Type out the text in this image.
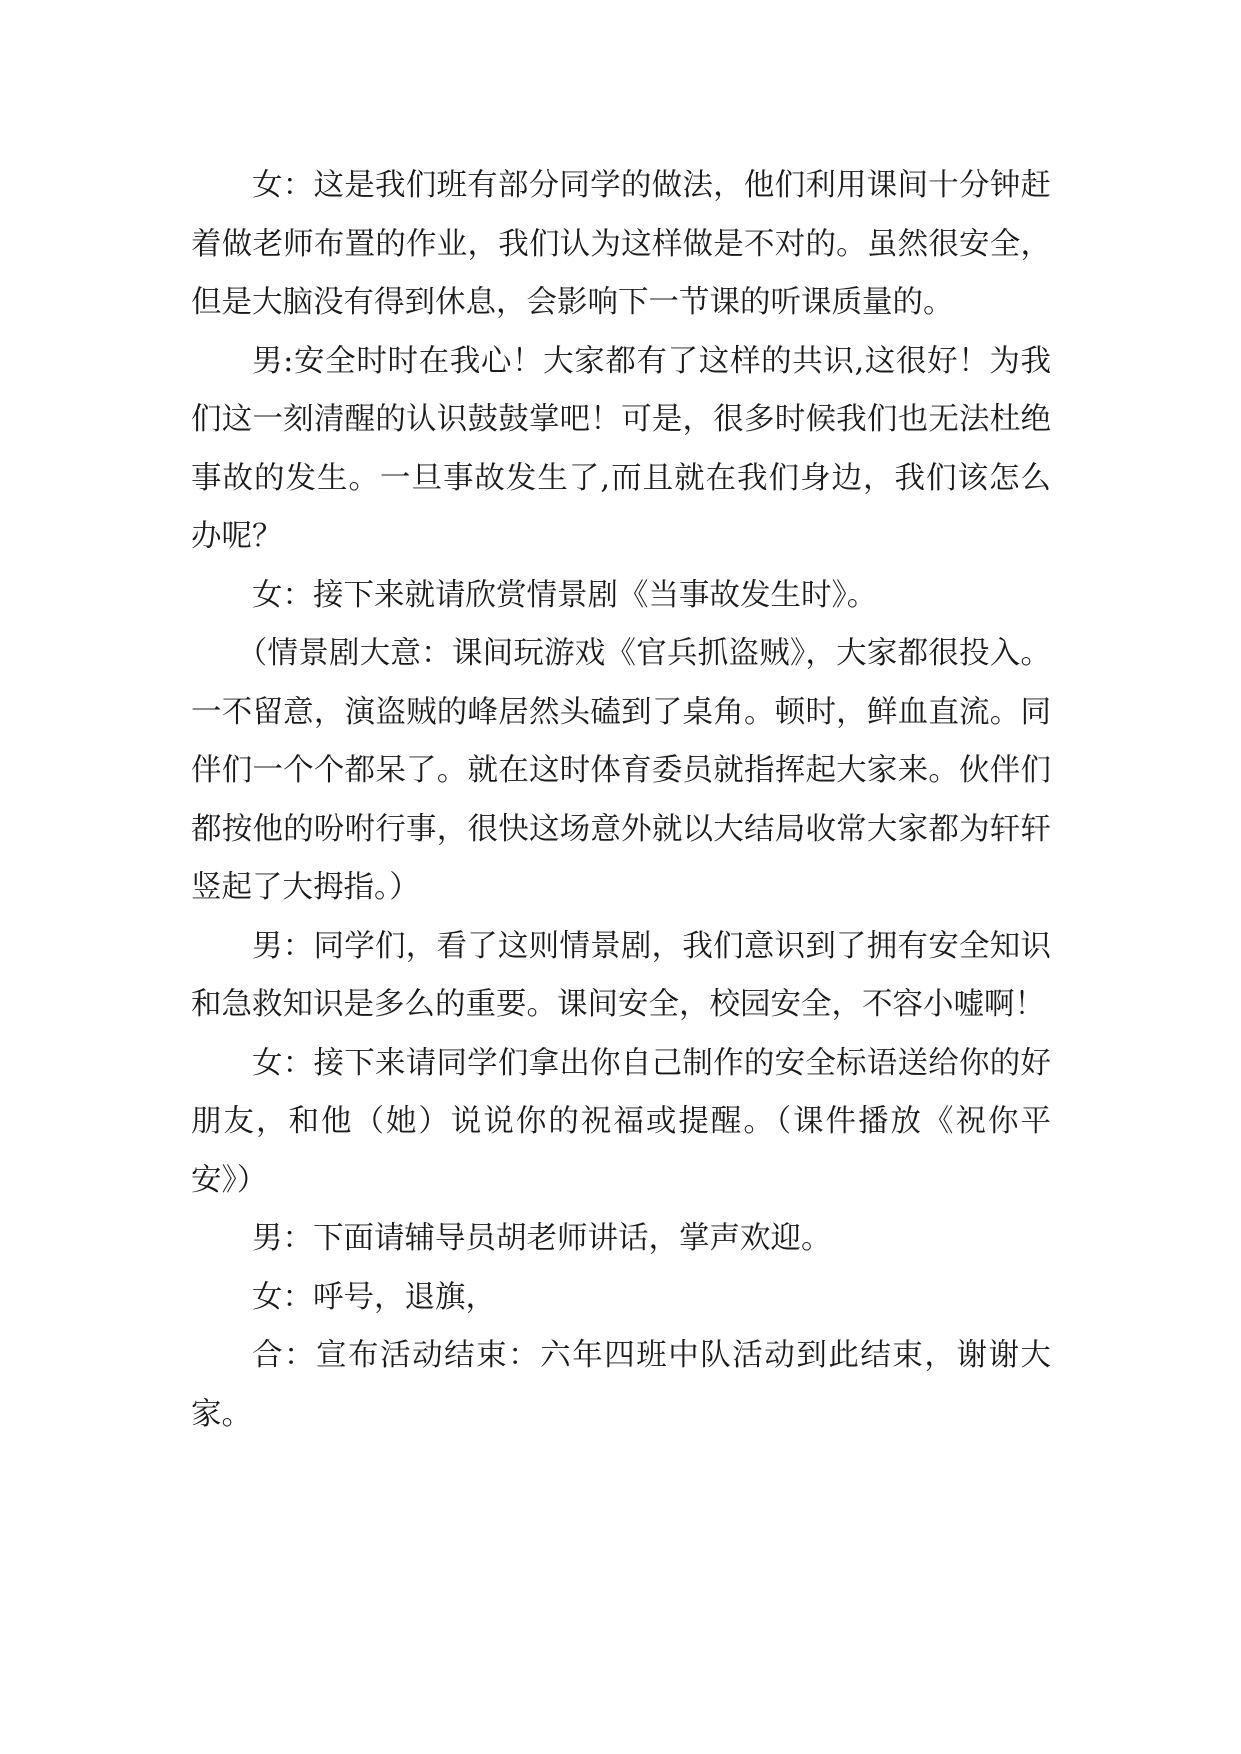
女：这是我们班有部分同学的做法，他们利用课间十分钟赶着做老师布置的作业，我们认为这样做是不对的。虽然很安全，但是大脑没有得到休息，会影响下一节课的听课质量的。

男:安全时时在我心！大家都有了这样的共识,这很好！为我们这一刻清醒的认识鼓鼓掌吧！可是，很多时候我们也无法杜绝事故的发生。一旦事故发生了,而且就在我们身边，我们该怎么办呢？

女：接下来就请欣赏情景剧《当事故发生时》。

（情景剧大意：课间玩游戏《官兵抓盗贼》，大家都很投入。一不留意，演盗贼的峰居然头磕到了桌角。顿时，鲜血直流。同伴们一个个都呆了。就在这时体育委员就指挥起大家来。伙伴们都按他的吩咐行事，很快这场意外就以大结局收常大家都为轩轩竖起了大拇指。）

男：同学们，看了这则情景剧，我们意识到了拥有安全知识和急救知识是多么的重要。课间安全，校园安全，不容小嘘啊！

女：接下来请同学们拿出你自己制作的安全标语送给你的好朋友，和他（她）说说你的祝福或提醒。（课件播放《祝你平安》）

男：下面请辅导员胡老师讲话，掌声欢迎。

女：呼号，退旗，

合：宣布活动结束：六年四班中队活动到此结束，谢谢大家。
